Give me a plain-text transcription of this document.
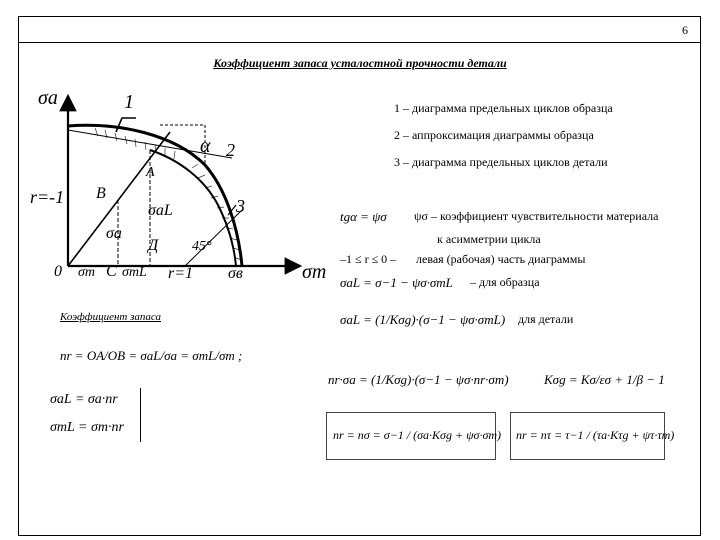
6
Коэффициент запаса усталостной прочности детали
1 – диаграмма предельных циклов образца
2 – аппроксимация диаграммы образца
3 – диаграмма предельных циклов детали
σа
σm
1
2
3
α
r=-1 В
А
σа
σаL
Д 45°
0 σm С σmL r=1 σв
Коэффициент запаса
nr = OA/OB = σaL/σa = σmL/σm ;
σaL = σa·nr
σmL = σm·nr
tgα = ψσ ψσ – коэффициент чувствительности материала
к асимметрии цикла
–1 ≤ r ≤ 0 – левая (рабочая) часть диаграммы
σaL = σ−1 − ψσ·σmL – для образца
σaL = (1/Kσg)·(σ−1 − ψσ·σmL) для детали
nr·σa = (1/Kσg)·(σ−1 − ψσ·nr·σm)	Kσg = Kσ/εσ + 1/β − 1
nr = nσ = σ−1 / (σa·Kσg + ψσ·σm) nr = nτ = τ−1 / (τa·Kτg + ψτ·τm)
